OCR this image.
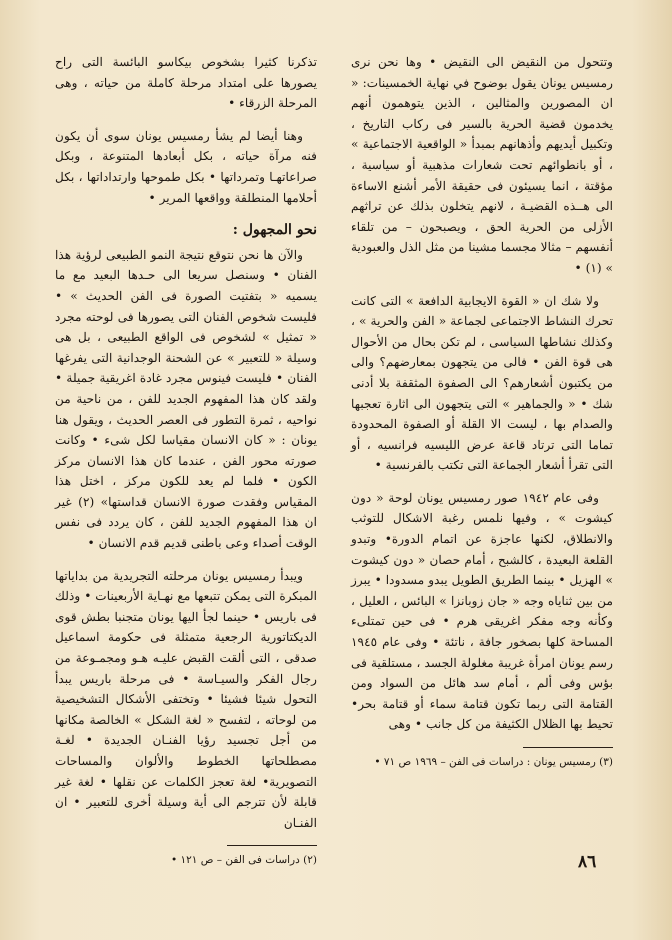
وتتحول من النقيض الى النقيض • وها نحن نرى رمسيس يونان يقول بوضوح في نهاية الخمسينات: « ان المصورين والمثالين ، الذين يتوهمون أنهم يخدمون قضية الحرية بالسير فى ركاب التاريخ ، وتكبيل أيديهم وأذهانهم بمبدأ « الواقعية الاجتماعية » ، أو بانطوائهم تحت شعارات مذهبية أو سياسية ، مؤقتة ، انما يسيئون فى حقيقة الأمر أشنع الاساءة الى هــذه القضيـة ، لانهم يتخلون بذلك عن تراثهم الأزلى من الحرية الحق ، ويصبحون – من تلقاء أنفسهم – مثالا مجسما مشينا من مثل الذل والعبودية » (١) •

ولا شك ان « القوة الايجابية الدافعة » التى كانت تحرك النشاط الاجتماعى لجماعة « الفن والحرية » ، وكذلك نشاطها السياسى ، لم تكن بحال من الأحوال هى قوة الفن • فالى من يتجهون بمعارضهم؟ والى من يكتبون أشعارهم؟ الى الصفوة المثقفة بلا أدنى شك • « والجماهير » التى يتجهون الى اثارة تعجبها والصدام بها ، ليست الا القلة أو الصفوة المحدودة تماما التى ترتاد قاعة عرض الليسيه فرانسيه ، أو التى تقرأ أشعار الجماعة التى تكتب بالفرنسية •

وفى عام ١٩٤٢ صور رمسيس يونان لوحة « دون كيشوت » ، وفيها نلمس رغبة الاشكال للتوثب والانطلاق، لكنها عاجزة عن اتمام الدورة• وتبدو القلعة البعيدة ، كالشبح ، أمام حصان « دون كيشوت » الهزيل • بينما الطريق الطويل يبدو مسدودا • يبرز من بين ثناياه وجه « جان زوبانزا » البائس ، العليل ، وكأنه وجه مفكر اغريقى هرم • فى حين تمتلىء المساحة كلها بصخور جافة ، ناتئة • وفى عام ١٩٤٥ رسم يونان امرأة غريبة مغلولة الجسد ، مستلقية فى بؤس وفى ألم ، أمام سد هائل من السواد ومن القتامة التى ربما تكون قتامة سماء أو قتامة بحر• تحيط بها الظلال الكثيفة من كل جانب • وهى

(٣) رمسيس يونان : دراسات فى الفن – ١٩٦٩ ص ٧١ •

تذكرنا كثيرا بشخوص بيكاسو البائسة التى راح يصورها على امتداد مرحلة كاملة من حياته ، وهى المرحلة الزرقاء •

وهنا أيضا لم يشأ رمسيس يونان سوى أن يكون فنه مرآة حياته ، بكل أبعادها المتنوعة ، وبكل صراعاتهـا وتمرداتها • بكل طموحها وارتداداتها ، بكل أحلامها المنطلقة وواقعها المرير •

نحو المجهول :

والآن ها نحن نتوقع نتيجة النمو الطبيعى لرؤية هذا الفنان • وسنصل سريعا الى حـدها البعيد مع ما يسميه « بتفتيت الصورة فى الفن الحديث » • فليست شخوص الفنان التى يصورها فى لوحته مجرد « تمثيل » لشخوص فى الواقع الطبيعى ، بل هى وسيلة « للتعبير » عن الشحنة الوجدانية التى يفرغها الفنان • فليست فينوس مجرد غادة اغريقية جميلة • ولقد كان هذا المفهوم الجديد للفن ، من ناحية من نواحيه ، ثمرة التطور فى العصر الحديث ، ويقول هنا يونان : « كان الانسان مقياسا لكل شىء • وكانت صورته محور الفن ، عندما كان هذا الانسان مركز الكون • فلما لم يعد للكون مركز ، اختل هذا المقياس وفقدت صورة الانسان قداستها» (٢) غير ان هذا المفهوم الجديد للفن ، كان يردد فى نفس الوقت أصداء وعى باطنى قديم قدم الانسان •

ويبدأ رمسيس يونان مرحلته التجريدية من بداياتها المبكرة التى يمكن تتبعها مع نهـاية الأربعينات • وذلك فى باريس • حينما لجأ اليها يونان متجنبا بطش قوى الديكتاتورية الرجعية متمثلة فى حكومة اسماعيل صدقى ، التى ألقت القبض عليـه هـو ومجمـوعة من رجال الفكر والسيـاسة • فى مرحلة باريس يبدأ التحول شيئا فشيئا • وتختفى الأشكال التشخيصية من لوحاته ، لتفسح « لغة الشكل » الخالصة مكانها من أجل تجسيد رؤيا الفنـان الجديدة • لغـة مصطلحاتها الخطوط والألوان والمساحات التصويرية• لغة تعجز الكلمات عن نقلها • لغة غير قابلة لأن تترجم الى أية وسيلة أخرى للتعبير • ان الفنـان

(٢) دراسات فى الفن – ص ١٢١ •	٨٦
